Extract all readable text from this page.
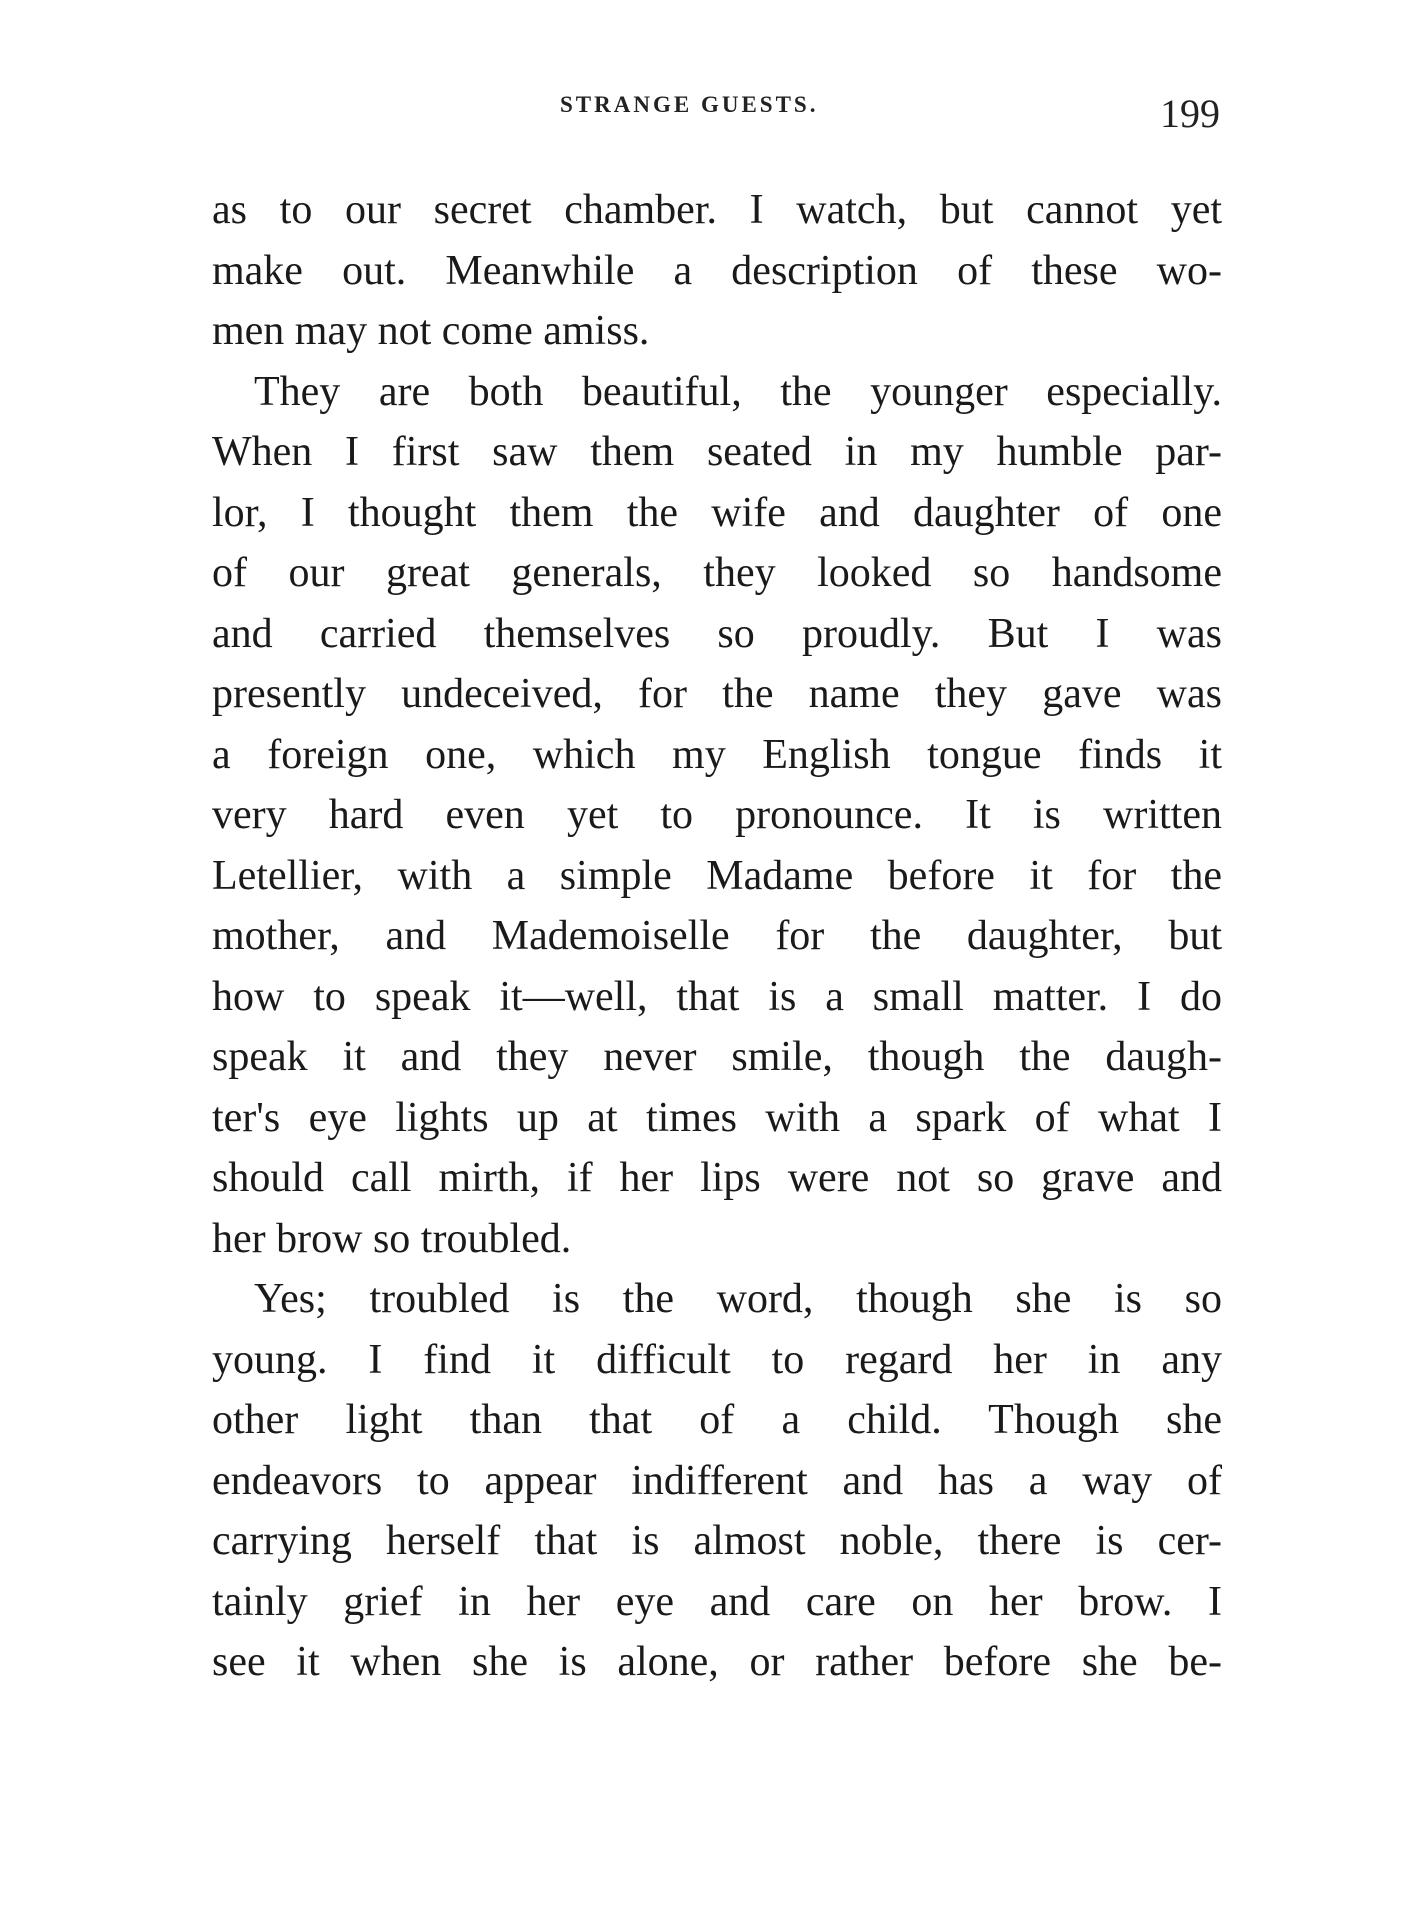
STRANGE GUESTS.	199
as to our secret chamber. I watch, but cannot yet
make out. Meanwhile a description of these wo-
men may not come amiss.
They are both beautiful, the younger especially.
When I first saw them seated in my humble par-
lor, I thought them the wife and daughter of one
of our great generals, they looked so handsome
and carried themselves so proudly. But I was
presently undeceived, for the name they gave was
a foreign one, which my English tongue finds it
very hard even yet to pronounce. It is written
Letellier, with a simple Madame before it for the
mother, and Mademoiselle for the daughter, but
how to speak it—well, that is a small matter. I do
speak it and they never smile, though the daugh-
ter's eye lights up at times with a spark of what I
should call mirth, if her lips were not so grave and
her brow so troubled.
Yes; troubled is the word, though she is so
young. I find it difficult to regard her in any
other light than that of a child. Though she
endeavors to appear indifferent and has a way of
carrying herself that is almost noble, there is cer-
tainly grief in her eye and care on her brow. I
see it when she is alone, or rather before she be-
